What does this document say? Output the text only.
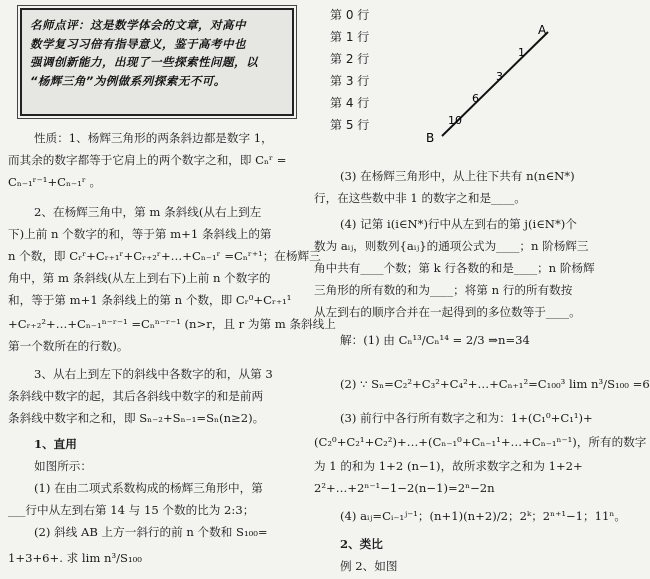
名师点评：这是数学体会的文章，对高中
数学复习习倍有指导意义，鉴于高考中也
强调创新能力，出现了一些探索性问题，以
“杨辉三角”为例做系列探索无不可。
性质：1、杨辉三角形的两条斜边都是数字 1，
而其余的数字都等于它肩上的两个数字之和，即 Cₙʳ =
Cₙ₋₁ʳ⁻¹+Cₙ₋₁ʳ 。
2、在杨辉三角中，第 m 条斜线(从右上到左
下)上前 n 个数字的和，等于第 m+1 条斜线上的第
n 个数，即 Cᵣʳ+Cᵣ₊₁ʳ+Cᵣ₊₂ʳ+…+Cₙ₋₁ʳ =Cₙʳ⁺¹；在杨辉三
角中，第 m 条斜线(从左上到右下)上前 n 个数字的
和，等于第 m+1 条斜线上的第 n 个数，即 Cᵣ⁰+Cᵣ₊₁¹
+Cᵣ₊₂²+…+Cₙ₋₁ⁿ⁻ʳ⁻¹ =Cₙⁿ⁻ʳ⁻¹ (n>r，且 r 为第 m 条斜线上
第一个数所在的行数)。
3、从右上到左下的斜线中各数字的和，从第 3
条斜线中数字的起，其后各斜线中数字的和是前两
条斜线中数字和之和，即 Sₙ₋₂+Sₙ₋₁=Sₙ(n≥2)。
1、直用
如图所示：
(1) 在由二项式系数构成的杨辉三角形中，第
___行中从左到右第 14 与 15 个数的比为 2:3；
(2) 斜线 AB 上方一斜行的前 n 个数和 S₁₀₀=
1+3+6+. 求 lim n³/S₁₀₀
第 0 行
第 1 行
第 2 行
第 3 行
第 4 行
第 5 行
A
1
3
6
10
B
(3) 在杨辉三角形中，从上往下共有 n(n∈N*)
行，在这些数中非 1 的数字之和是____。
(4) 记第 i(i∈N*)行中从左到右的第 j(i∈N*)个
数为 aᵢⱼ，则数列{aᵢⱼ}的通项公式为____；n 阶杨辉三
角中共有____个数；第 k 行各数的和是____；n 阶杨辉
三角形的所有数的和为____；将第 n 行的所有数按
从左到右的顺序合并在一起得到的多位数等于____。
解：(1) 由 Cₙ¹³/Cₙ¹⁴ = 2/3 ⇒n=34
(2) ∵ Sₙ=C₂²+C₃²+C₄²+…+Cₙ₊₁²=C₁₀₀³ lim n³/S₁₀₀ =6
(3) 前行中各行所有数字之和为：1+(C₁⁰+C₁¹)+
(C₂⁰+C₂¹+C₂²)+…+(Cₙ₋₁⁰+Cₙ₋₁¹+…+Cₙ₋₁ⁿ⁻¹)，所有的数字
为 1 的和为 1+2 (n−1)，故所求数字之和为 1+2+
2²+…+2ⁿ⁻¹−1−2(n−1)=2ⁿ−2n
(4) aᵢⱼ=Cᵢ₋₁ʲ⁻¹；(n+1)(n+2)/2；2ᵏ；2ⁿ⁺¹−1；11ⁿ。
2、类比
例 2、如图
